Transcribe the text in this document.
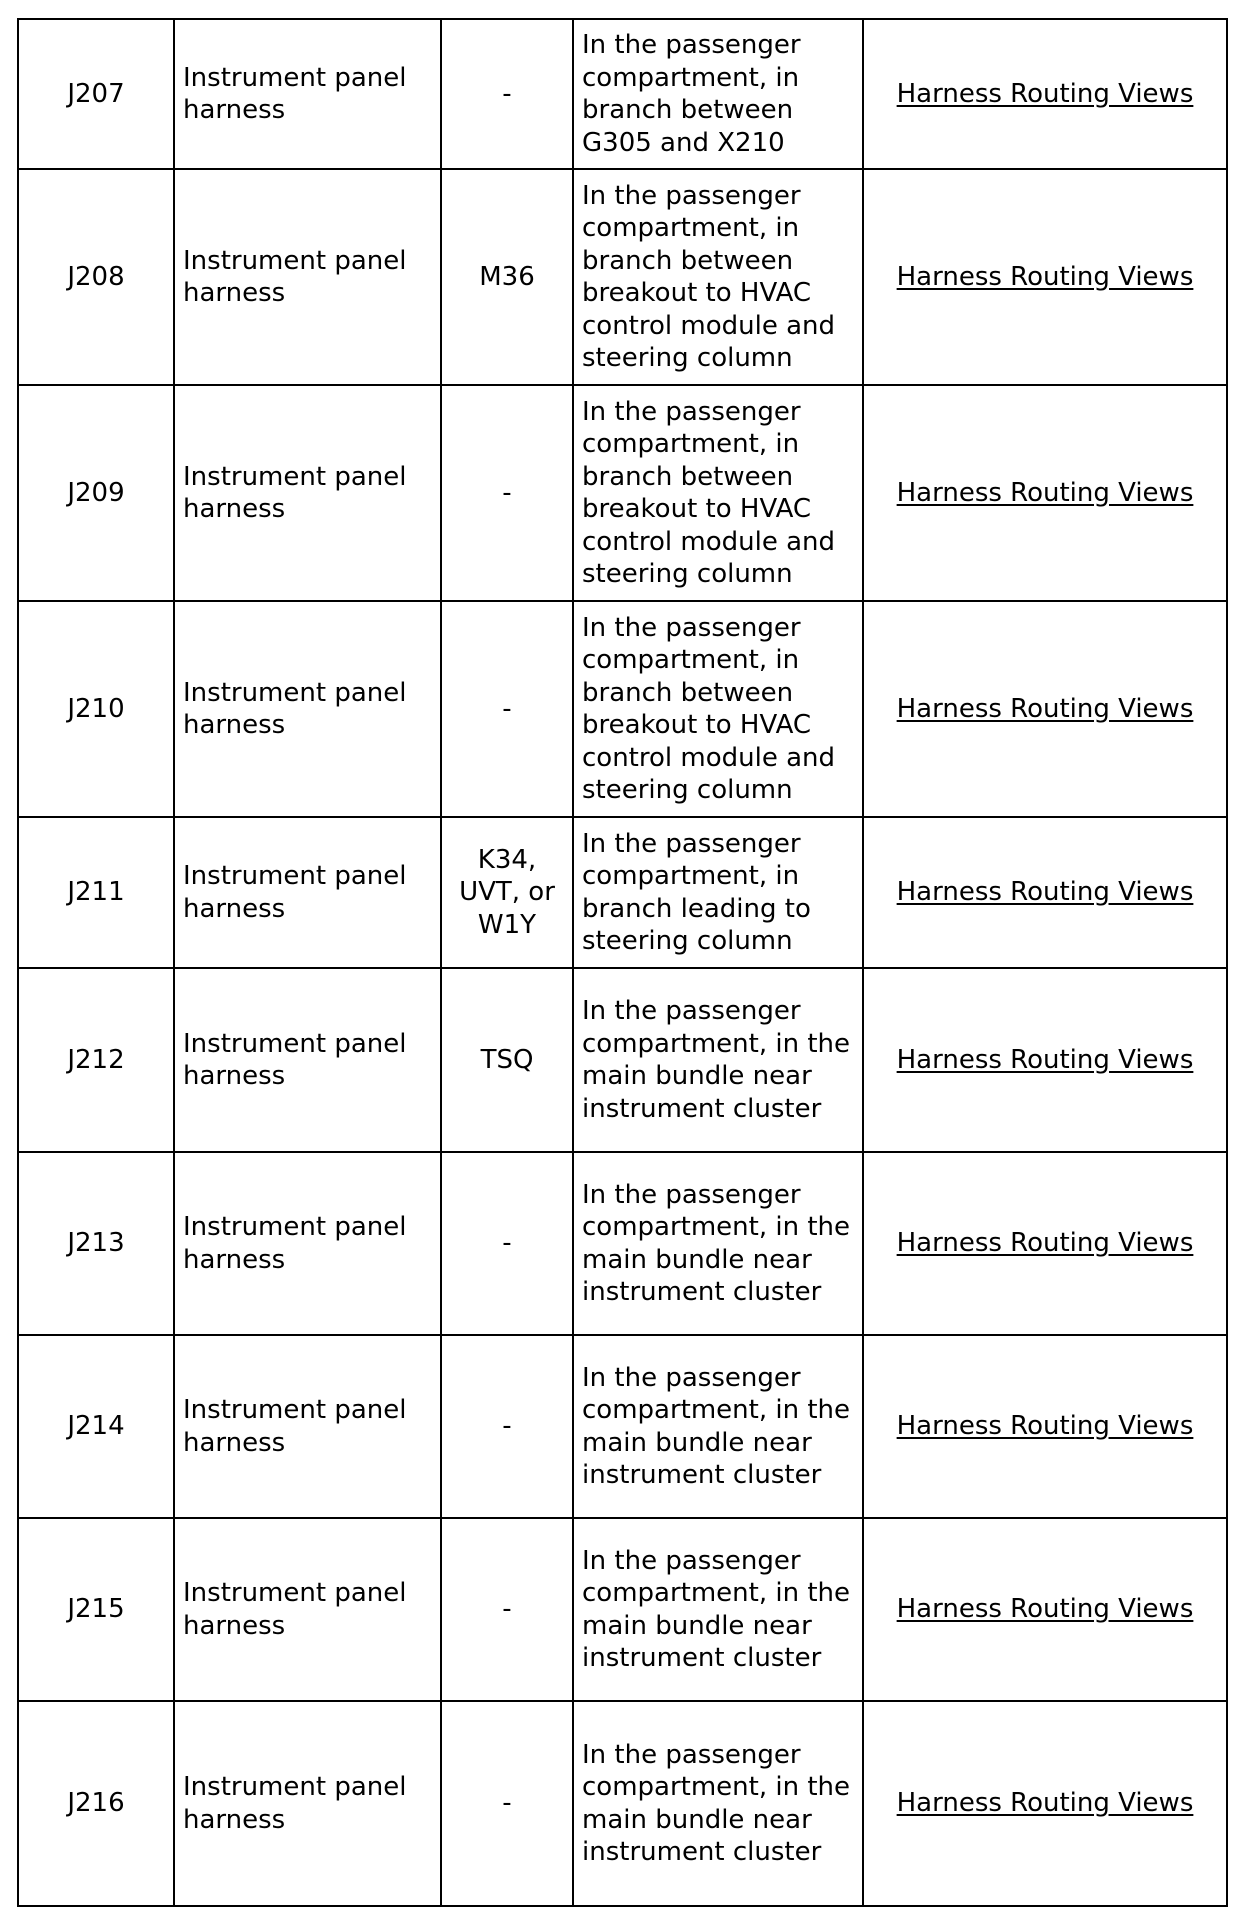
J207	Instrument panel harness	-	In the passenger compartment, in branch between G305 and X210	Harness Routing Views
J208	Instrument panel harness	M36	In the passenger compartment, in branch between breakout to HVAC control module and steering column	Harness Routing Views
J209	Instrument panel harness	-	In the passenger compartment, in branch between breakout to HVAC control module and steering column	Harness Routing Views
J210	Instrument panel harness	-	In the passenger compartment, in branch between breakout to HVAC control module and steering column	Harness Routing Views
J211	Instrument panel harness	K34, UVT, or W1Y	In the passenger compartment, in branch leading to steering column	Harness Routing Views
J212	Instrument panel harness	TSQ	In the passenger compartment, in the main bundle near instrument cluster	Harness Routing Views
J213	Instrument panel harness	-	In the passenger compartment, in the main bundle near instrument cluster	Harness Routing Views
J214	Instrument panel harness	-	In the passenger compartment, in the main bundle near instrument cluster	Harness Routing Views
J215	Instrument panel harness	-	In the passenger compartment, in the main bundle near instrument cluster	Harness Routing Views
J216	Instrument panel harness	-	In the passenger compartment, in the main bundle near instrument cluster	Harness Routing Views
